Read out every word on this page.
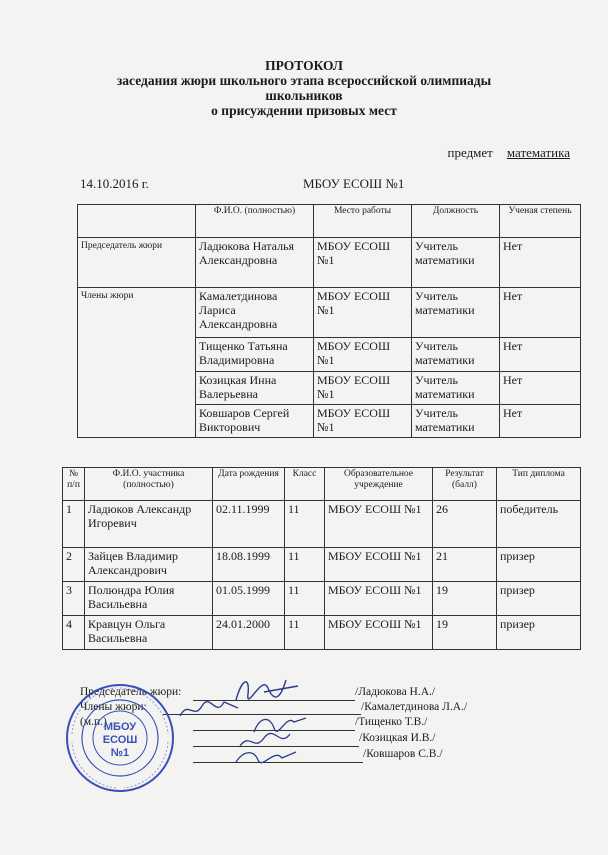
ПРОТОКОЛ
заседания жюри школьного этапа всероссийской олимпиады
школьников
о присуждении призовых мест
предмет математика
14.10.2016 г.	МБОУ ЕСОШ №1
	Ф.И.О. (полностью)	Место работы	Должность	Ученая степень
Председатель жюри	Ладюкова Наталья Александровна	МБОУ ЕСОШ №1	Учитель математики	Нет
Члены жюри	Камалетдинова Лариса Александровна	МБОУ ЕСОШ №1	Учитель математики	Нет
	Тищенко Татьяна Владимировна	МБОУ ЕСОШ №1	Учитель математики	Нет
	Козицкая Инна Валерьевна	МБОУ ЕСОШ №1	Учитель математики	Нет
	Ковшаров Сергей Викторович	МБОУ ЕСОШ №1	Учитель математики	Нет
№ п/п	Ф.И.О. участника (полностью)	Дата рождения	Класс	Образовательное учреждение	Результат (балл)	Тип диплома
1	Ладюков Александр Игоревич	02.11.1999	11	МБОУ ЕСОШ №1	26	победитель
2	Зайцев Владимир Александрович	18.08.1999	11	МБОУ ЕСОШ №1	21	призер
3	Полюндра Юлия Васильевна	01.05.1999	11	МБОУ ЕСОШ №1	19	призер
4	Кравцун Ольга Васильевна	24.01.2000	11	МБОУ ЕСОШ №1	19	призер
Председатель жюри:
Члены жюри:
(м.п.)
/Ладюкова Н.А./
/Камалетдинова Л.А./
/Тищенко Т.В./
/Козицкая И.В./
/Ковшаров С.В./
МБОУ
ЕСОШ
№1
